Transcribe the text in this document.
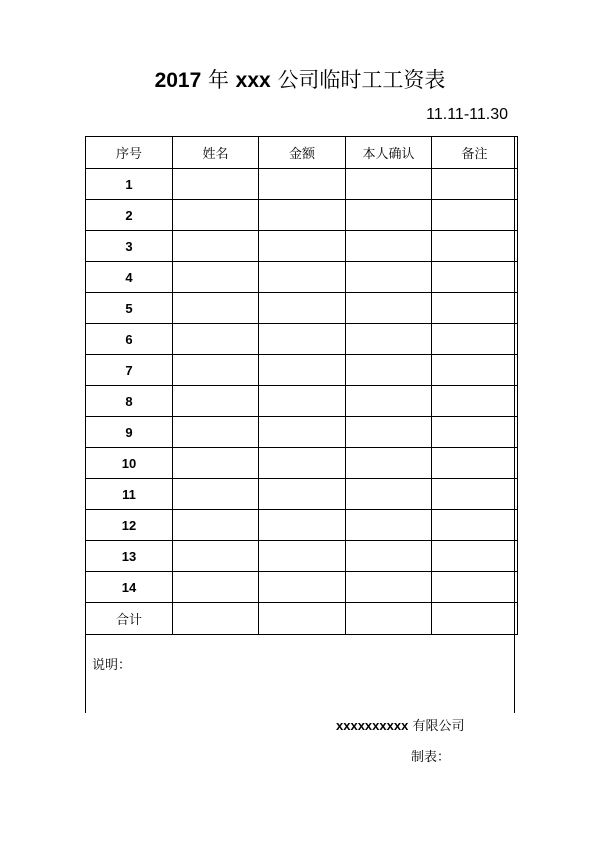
2017 年 xxx 公司临时工工资表
11.11-11.30
序号	姓名	金额	本人确认	备注
1				
2				
3				
4				
5				
6				
7				
8				
9				
10				
11				
12				
13				
14				
合计				
说明：
xxxxxxxxxx 有限公司
制表：
